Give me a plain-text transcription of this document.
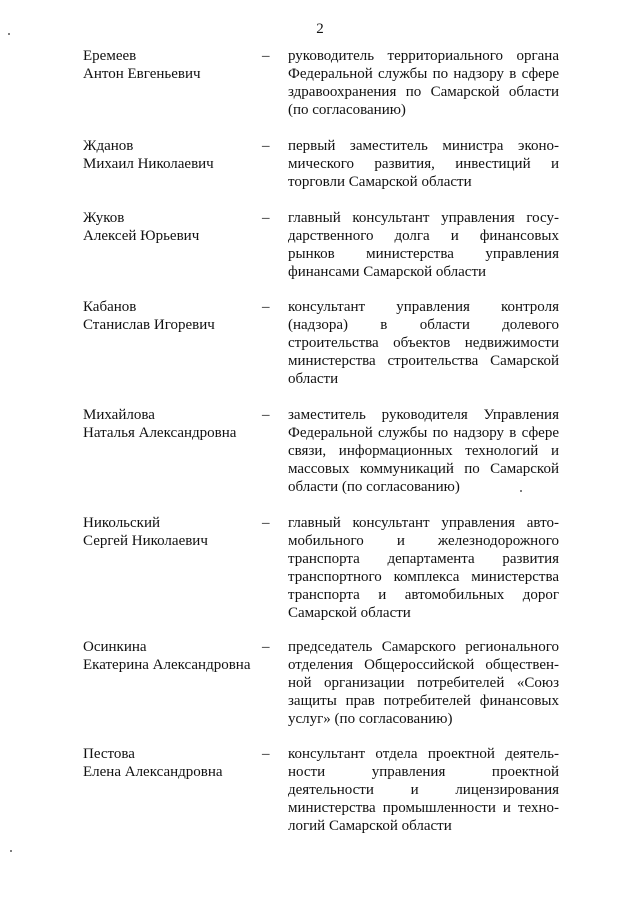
2
Еремеев
Антон Евгеньевич
– руководитель территориального органа
Федеральной службы по надзору в сфере
здравоохранения по Самарской области
(по согласованию)
Жданов
Михаил Николаевич
– первый заместитель министра эконо-
мического развития, инвестиций и
торговли Самарской области
Жуков
Алексей Юрьевич
– главный консультант управления госу-
дарственного долга и финансовых
рынков министерства управления
финансами Самарской области
Кабанов
Станислав Игоревич
– консультант управления контроля
(надзора) в области долевого
строительства объектов недвижимости
министерства строительства Самарской
области
Михайлова
Наталья Александровна
– заместитель руководителя Управления
Федеральной службы по надзору в сфере
связи, информационных технологий и
массовых коммуникаций по Самарской
области (по согласованию)
Никольский
Сергей Николаевич
– главный консультант управления авто-
мобильного и железнодорожного
транспорта департамента развития
транспортного комплекса министерства
транспорта и автомобильных дорог
Самарской области
Осинкина
Екатерина Александровна
– председатель Самарского регионального
отделения Общероссийской обществен-
ной организации потребителей «Союз
защиты прав потребителей финансовых
услуг» (по согласованию)
Пестова
Елена Александровна
– консультант отдела проектной деятель-
ности управления проектной
деятельности и лицензирования
министерства промышленности и техно-
логий Самарской области
